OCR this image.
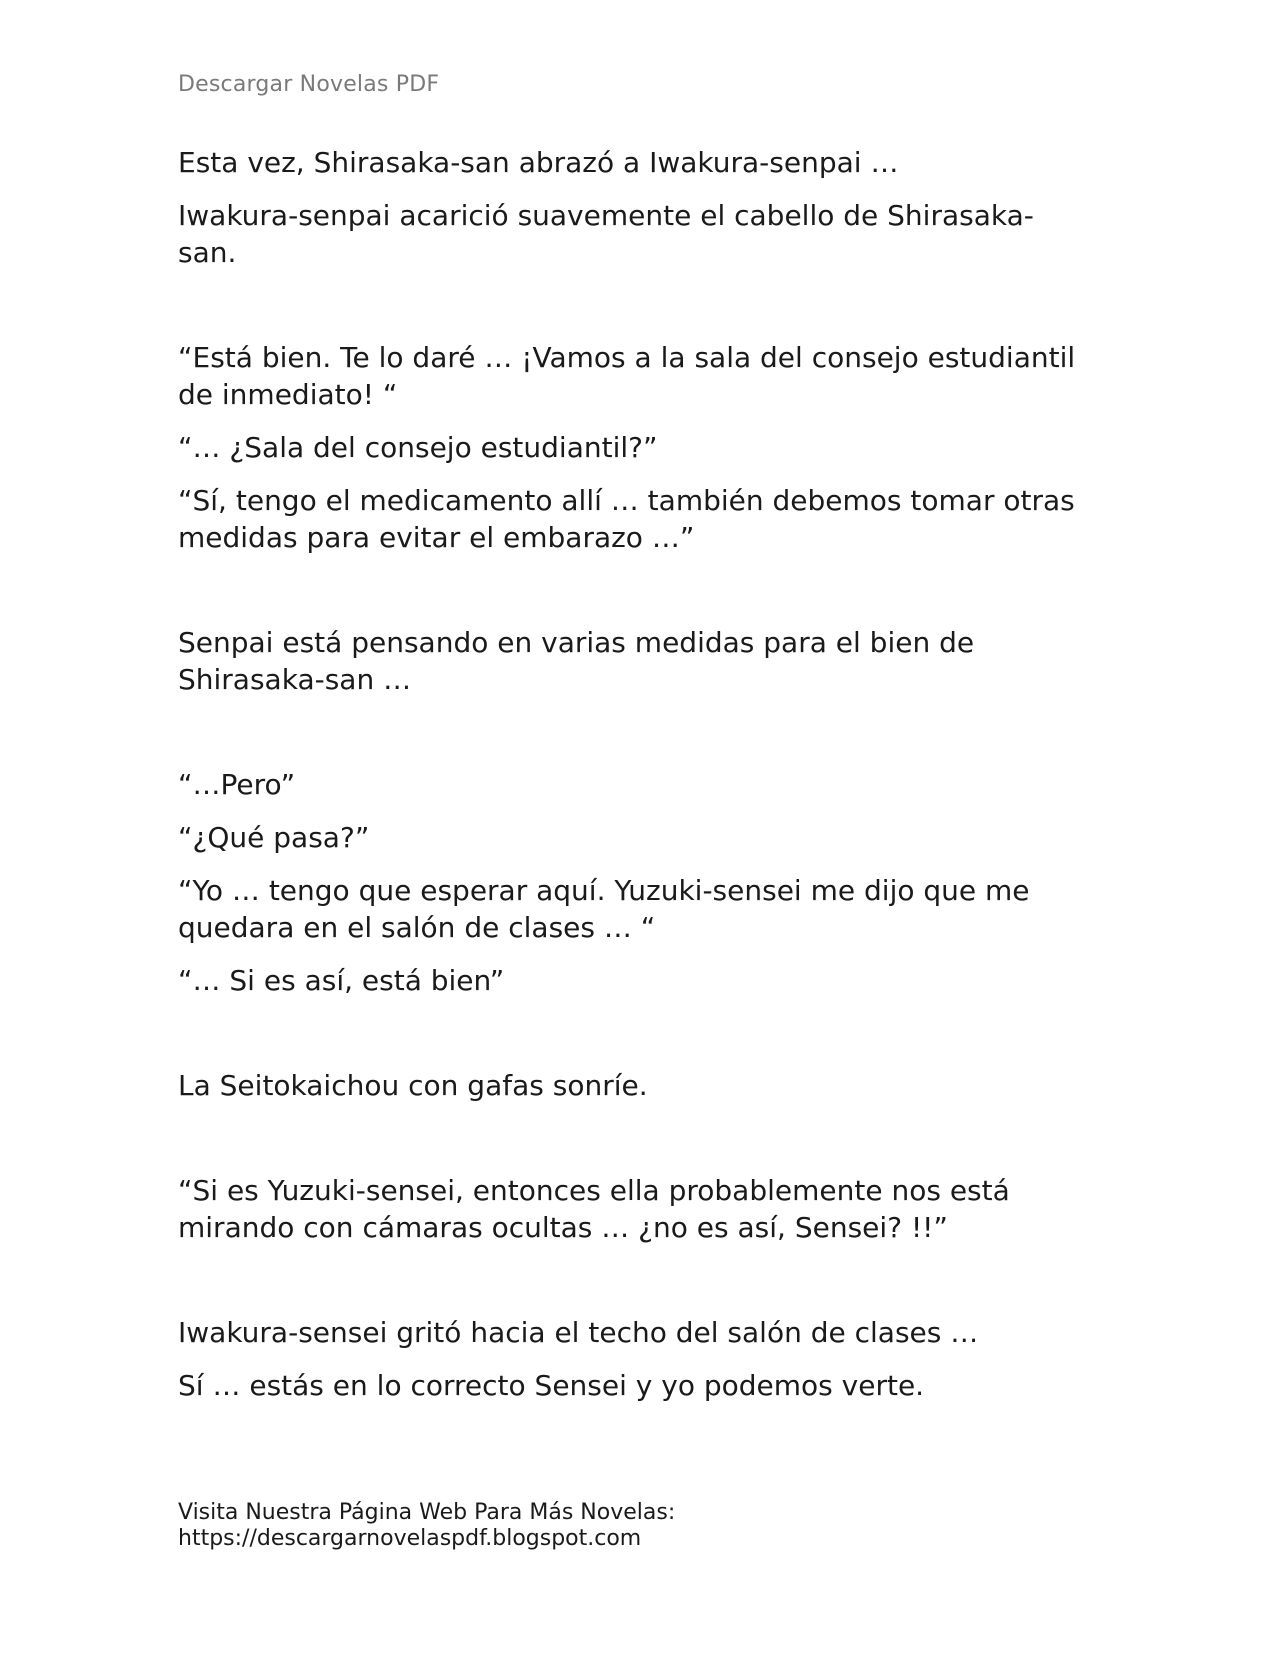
Descargar Novelas PDF

Esta vez, Shirasaka-san abrazó a Iwakura-senpai …

Iwakura-senpai acarició suavemente el cabello de Shirasaka-san.

“Está bien. Te lo daré … ¡Vamos a la sala del consejo estudiantil de inmediato! “

“… ¿Sala del consejo estudiantil?”

“Sí, tengo el medicamento allí … también debemos tomar otras medidas para evitar el embarazo …”

Senpai está pensando en varias medidas para el bien de Shirasaka-san …

“…Pero”

“¿Qué pasa?”

“Yo … tengo que esperar aquí. Yuzuki-sensei me dijo que me quedara en el salón de clases … “

“… Si es así, está bien”

La Seitokaichou con gafas sonríe.

“Si es Yuzuki-sensei, entonces ella probablemente nos está mirando con cámaras ocultas … ¿no es así, Sensei? !!”

Iwakura-sensei gritó hacia el techo del salón de clases …

Sí … estás en lo correcto Sensei y yo podemos verte.

Visita Nuestra Página Web Para Más Novelas:
https://descargarnovelaspdf.blogspot.com
